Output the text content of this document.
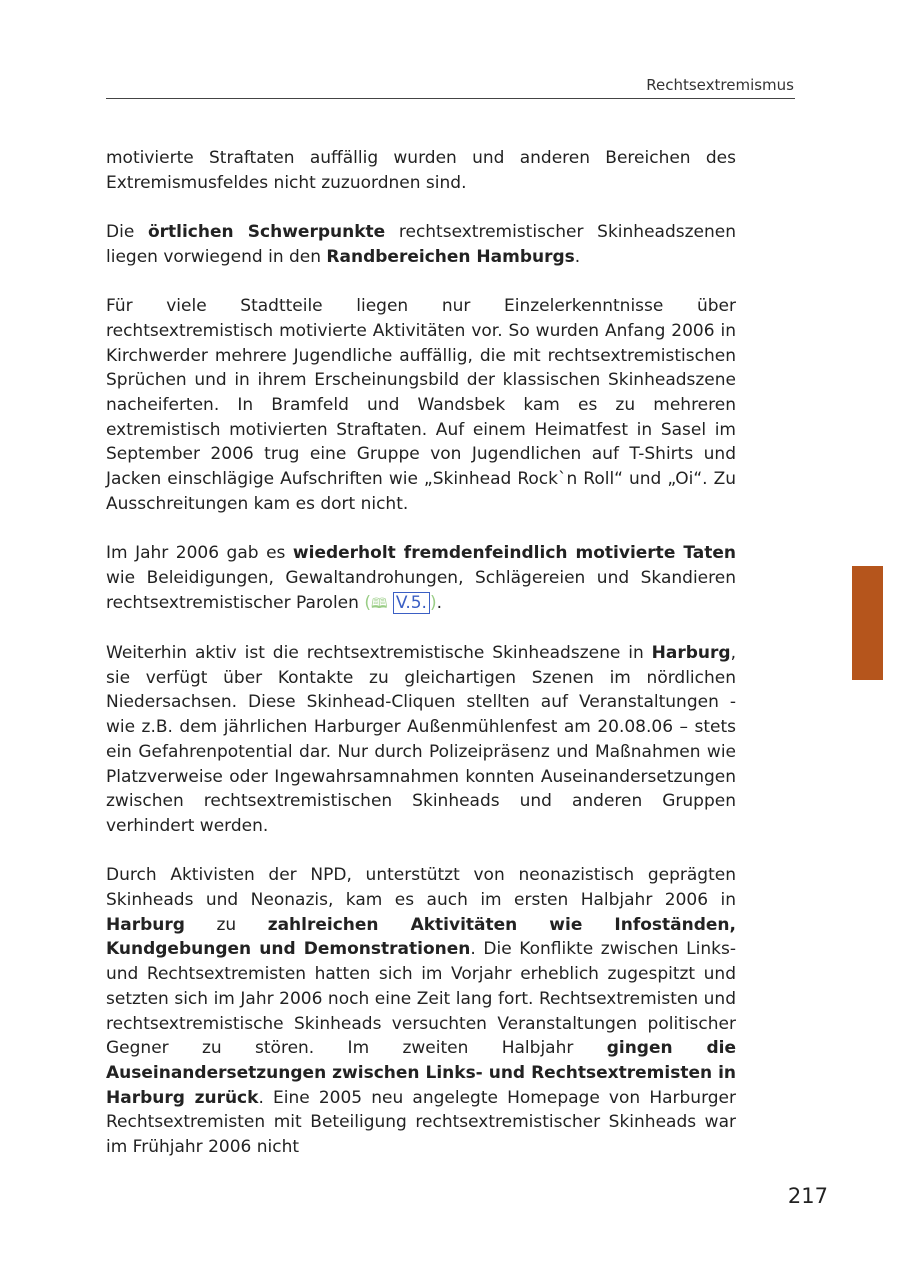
Rechtsextremismus

motivierte Straftaten auffällig wurden und anderen Bereichen des Extremismusfeldes nicht zuzuordnen sind.

Die örtlichen Schwerpunkte rechtsextremistischer Skinheadszenen liegen vorwiegend in den Randbereichen Hamburgs.

Für viele Stadtteile liegen nur Einzelerkenntnisse über rechtsextremistisch motivierte Aktivitäten vor. So wurden Anfang 2006 in Kirchwerder mehrere Jugendliche auffällig, die mit rechtsextremistischen Sprüchen und in ihrem Erscheinungsbild der klassischen Skinheadszene nacheiferten. In Bramfeld und Wandsbek kam es zu mehreren extremistisch motivierten Straftaten. Auf einem Heimatfest in Sasel im September 2006 trug eine Gruppe von Jugendlichen auf T-Shirts und Jacken einschlägige Aufschriften wie „Skinhead Rock`n Roll“ und „Oi“. Zu Ausschreitungen kam es dort nicht.

Im Jahr 2006 gab es wiederholt fremdenfeindlich motivierte Taten wie Beleidigungen, Gewaltandrohungen, Schlägereien und Skandieren rechtsextremistischer Parolen (🕮 V.5. ).

Weiterhin aktiv ist die rechtsextremistische Skinheadszene in Harburg, sie verfügt über Kontakte zu gleichartigen Szenen im nördlichen Niedersachsen. Diese Skinhead-Cliquen stellten auf Veranstaltungen - wie z.B. dem jährlichen Harburger Außenmühlenfest am 20.08.06 – stets ein Gefahrenpotential dar. Nur durch Polizeipräsenz und Maßnahmen wie Platzverweise oder Ingewahrsamnahmen konnten Auseinandersetzungen zwischen rechtsextremistischen Skinheads und anderen Gruppen verhindert werden.

Durch Aktivisten der NPD, unterstützt von neonazistisch geprägten Skinheads und Neonazis, kam es auch im ersten Halbjahr 2006 in Harburg zu zahlreichen Aktivitäten wie Infoständen, Kundgebungen und Demonstrationen. Die Konflikte zwischen Links- und Rechtsextremisten hatten sich im Vorjahr erheblich zugespitzt und setzten sich im Jahr 2006 noch eine Zeit lang fort. Rechtsextremisten und rechtsextremistische Skinheads versuchten Veranstaltungen politischer Gegner zu stören. Im zweiten Halbjahr gingen die Auseinandersetzungen zwischen Links- und Rechtsextremisten in Harburg zurück. Eine 2005 neu angelegte Homepage von Harburger Rechtsextremisten mit Beteiligung rechtsextremistischer Skinheads war im Frühjahr 2006 nicht

217
